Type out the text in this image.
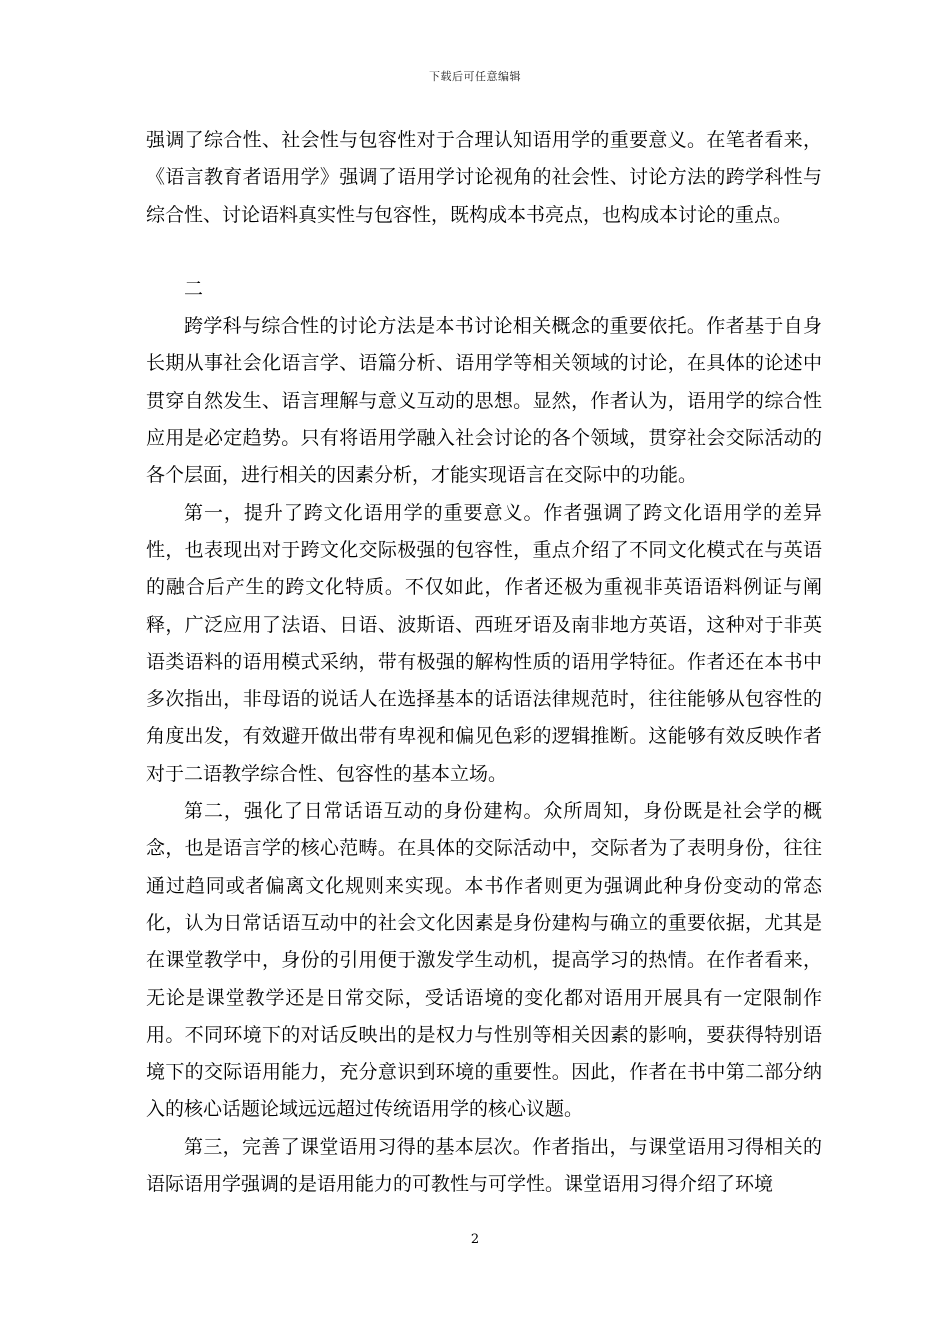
下载后可任意编辑

强调了综合性、社会性与包容性对于合理认知语用学的重要意义。在笔者看来，《语言教育者语用学》强调了语用学讨论视角的社会性、讨论方法的跨学科性与综合性、讨论语料真实性与包容性，既构成本书亮点，也构成本讨论的重点。

二

跨学科与综合性的讨论方法是本书讨论相关概念的重要依托。作者基于自身长期从事社会化语言学、语篇分析、语用学等相关领域的讨论，在具体的论述中贯穿自然发生、语言理解与意义互动的思想。显然，作者认为，语用学的综合性应用是必定趋势。只有将语用学融入社会讨论的各个领域，贯穿社会交际活动的各个层面，进行相关的因素分析，才能实现语言在交际中的功能。

第一，提升了跨文化语用学的重要意义。作者强调了跨文化语用学的差异性，也表现出对于跨文化交际极强的包容性，重点介绍了不同文化模式在与英语的融合后产生的跨文化特质。不仅如此，作者还极为重视非英语语料例证与阐释，广泛应用了法语、日语、波斯语、西班牙语及南非地方英语，这种对于非英语类语料的语用模式采纳，带有极强的解构性质的语用学特征。作者还在本书中多次指出，非母语的说话人在选择基本的话语法律规范时，往往能够从包容性的角度出发，有效避开做出带有卑视和偏见色彩的逻辑推断。这能够有效反映作者对于二语教学综合性、包容性的基本立场。

第二，强化了日常话语互动的身份建构。众所周知，身份既是社会学的概念，也是语言学的核心范畴。在具体的交际活动中，交际者为了表明身份，往往通过趋同或者偏离文化规则来实现。本书作者则更为强调此种身份变动的常态化，认为日常话语互动中的社会文化因素是身份建构与确立的重要依据，尤其是在课堂教学中，身份的引用便于激发学生动机，提高学习的热情。在作者看来，无论是课堂教学还是日常交际，受话语境的变化都对语用开展具有一定限制作用。不同环境下的对话反映出的是权力与性别等相关因素的影响，要获得特别语境下的交际语用能力，充分意识到环境的重要性。因此，作者在书中第二部分纳入的核心话题论域远远超过传统语用学的核心议题。

第三，完善了课堂语用习得的基本层次。作者指出，与课堂语用习得相关的语际语用学强调的是语用能力的可教性与可学性。课堂语用习得介绍了环境

2
